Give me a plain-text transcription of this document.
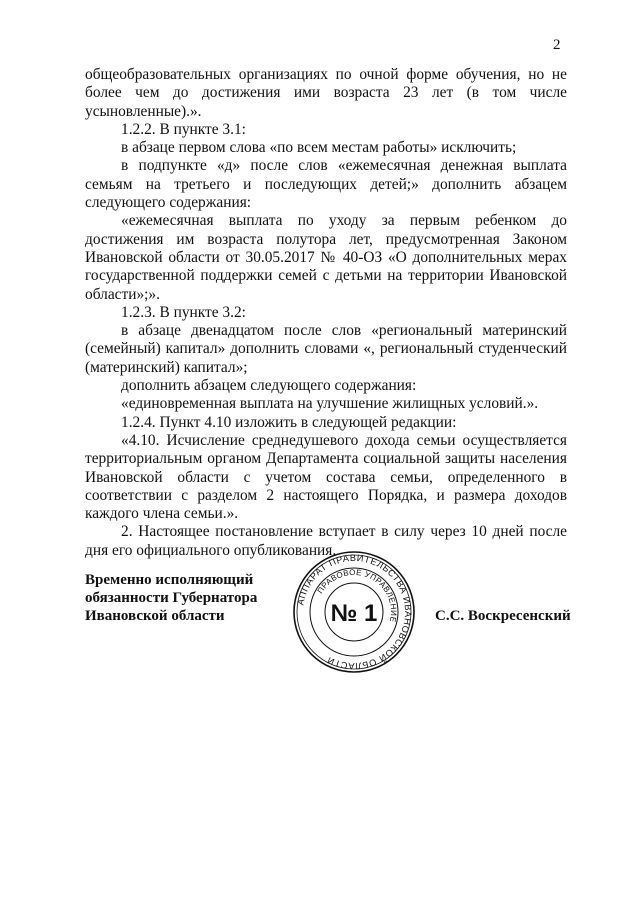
2

общеобразовательных организациях по очной форме обучения, но не более чем до достижения ими возраста 23 лет (в том числе усыновленные).».

1.2.2. В пункте 3.1:

в абзаце первом слова «по всем местам работы» исключить;

в подпункте «д» после слов «ежемесячная денежная выплата семьям на третьего и последующих детей;» дополнить абзацем следующего содержания:

«ежемесячная выплата по уходу за первым ребенком до достижения им возраста полутора лет, предусмотренная Законом Ивановской области от 30.05.2017 № 40-ОЗ «О дополнительных мерах государственной поддержки семей с детьми на территории Ивановской области»;».

1.2.3. В пункте 3.2:

в абзаце двенадцатом после слов «региональный материнский (семейный) капитал» дополнить словами «, региональный студенческий (материнский) капитал»;

дополнить абзацем следующего содержания:

«единовременная выплата на улучшение жилищных условий.».

1.2.4. Пункт 4.10 изложить в следующей редакции:

«4.10. Исчисление среднедушевого дохода семьи осуществляется территориальным органом Департамента социальной защиты населения Ивановской области с учетом состава семьи, определенного в соответствии с разделом 2 настоящего Порядка, и размера доходов каждого члена семьи.».

2. Настоящее постановление вступает в силу через 10 дней после дня его официального опубликования.

Временно исполняющий
обязанности Губернатора
Ивановской области	С.С. Воскресенский
АППАРАТ ПРАВИТЕЛЬСТВА ИВАНОВСКОЙ ОБЛАСТИ
ПРАВОВОЕ УПРАВЛЕНИЕ
№ 1
